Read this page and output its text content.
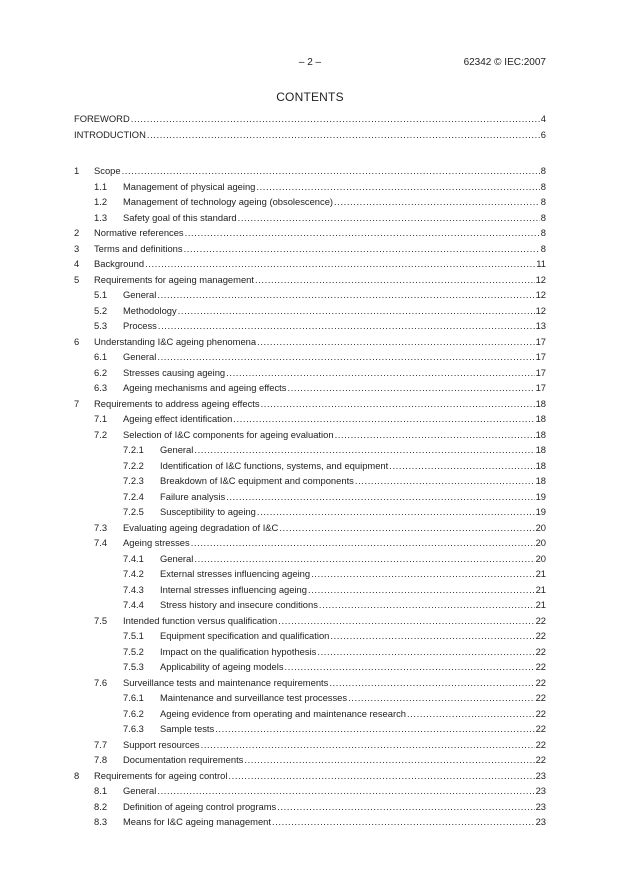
– 2 –	62342 © IEC:2007
CONTENTS
FOREWORD .....	4
INTRODUCTION .....	6
1	Scope .....	8
1.1	Management of physical ageing .....	8
1.2	Management of technology ageing (obsolescence) .....	8
1.3	Safety goal of this standard .....	8
2	Normative references .....	8
3	Terms and definitions .....	8
4	Background .....	11
5	Requirements for ageing management .....	12
5.1	General .....	12
5.2	Methodology .....	12
5.3	Process .....	13
6	Understanding I&C ageing phenomena .....	17
6.1	General .....	17
6.2	Stresses causing ageing .....	17
6.3	Ageing mechanisms and ageing effects .....	17
7	Requirements to address ageing effects .....	18
7.1	Ageing effect identification .....	18
7.2	Selection of I&C components for ageing evaluation .....	18
7.2.1	General .....	18
7.2.2	Identification of I&C functions, systems, and equipment .....	18
7.2.3	Breakdown of I&C equipment and components .....	18
7.2.4	Failure analysis .....	19
7.2.5	Susceptibility to ageing .....	19
7.3	Evaluating ageing degradation of I&C .....	20
7.4	Ageing stresses .....	20
7.4.1	General .....	20
7.4.2	External stresses influencing ageing .....	21
7.4.3	Internal stresses influencing ageing .....	21
7.4.4	Stress history and insecure conditions .....	21
7.5	Intended function versus qualification .....	22
7.5.1	Equipment specification and qualification .....	22
7.5.2	Impact on the qualification hypothesis .....	22
7.5.3	Applicability of ageing models .....	22
7.6	Surveillance tests and maintenance requirements .....	22
7.6.1	Maintenance and surveillance test processes .....	22
7.6.2	Ageing evidence from operating and maintenance research .....	22
7.6.3	Sample tests .....	22
7.7	Support resources .....	22
7.8	Documentation requirements .....	22
8	Requirements for ageing control .....	23
8.1	General .....	23
8.2	Definition of ageing control programs .....	23
8.3	Means for I&C ageing management .....	23
